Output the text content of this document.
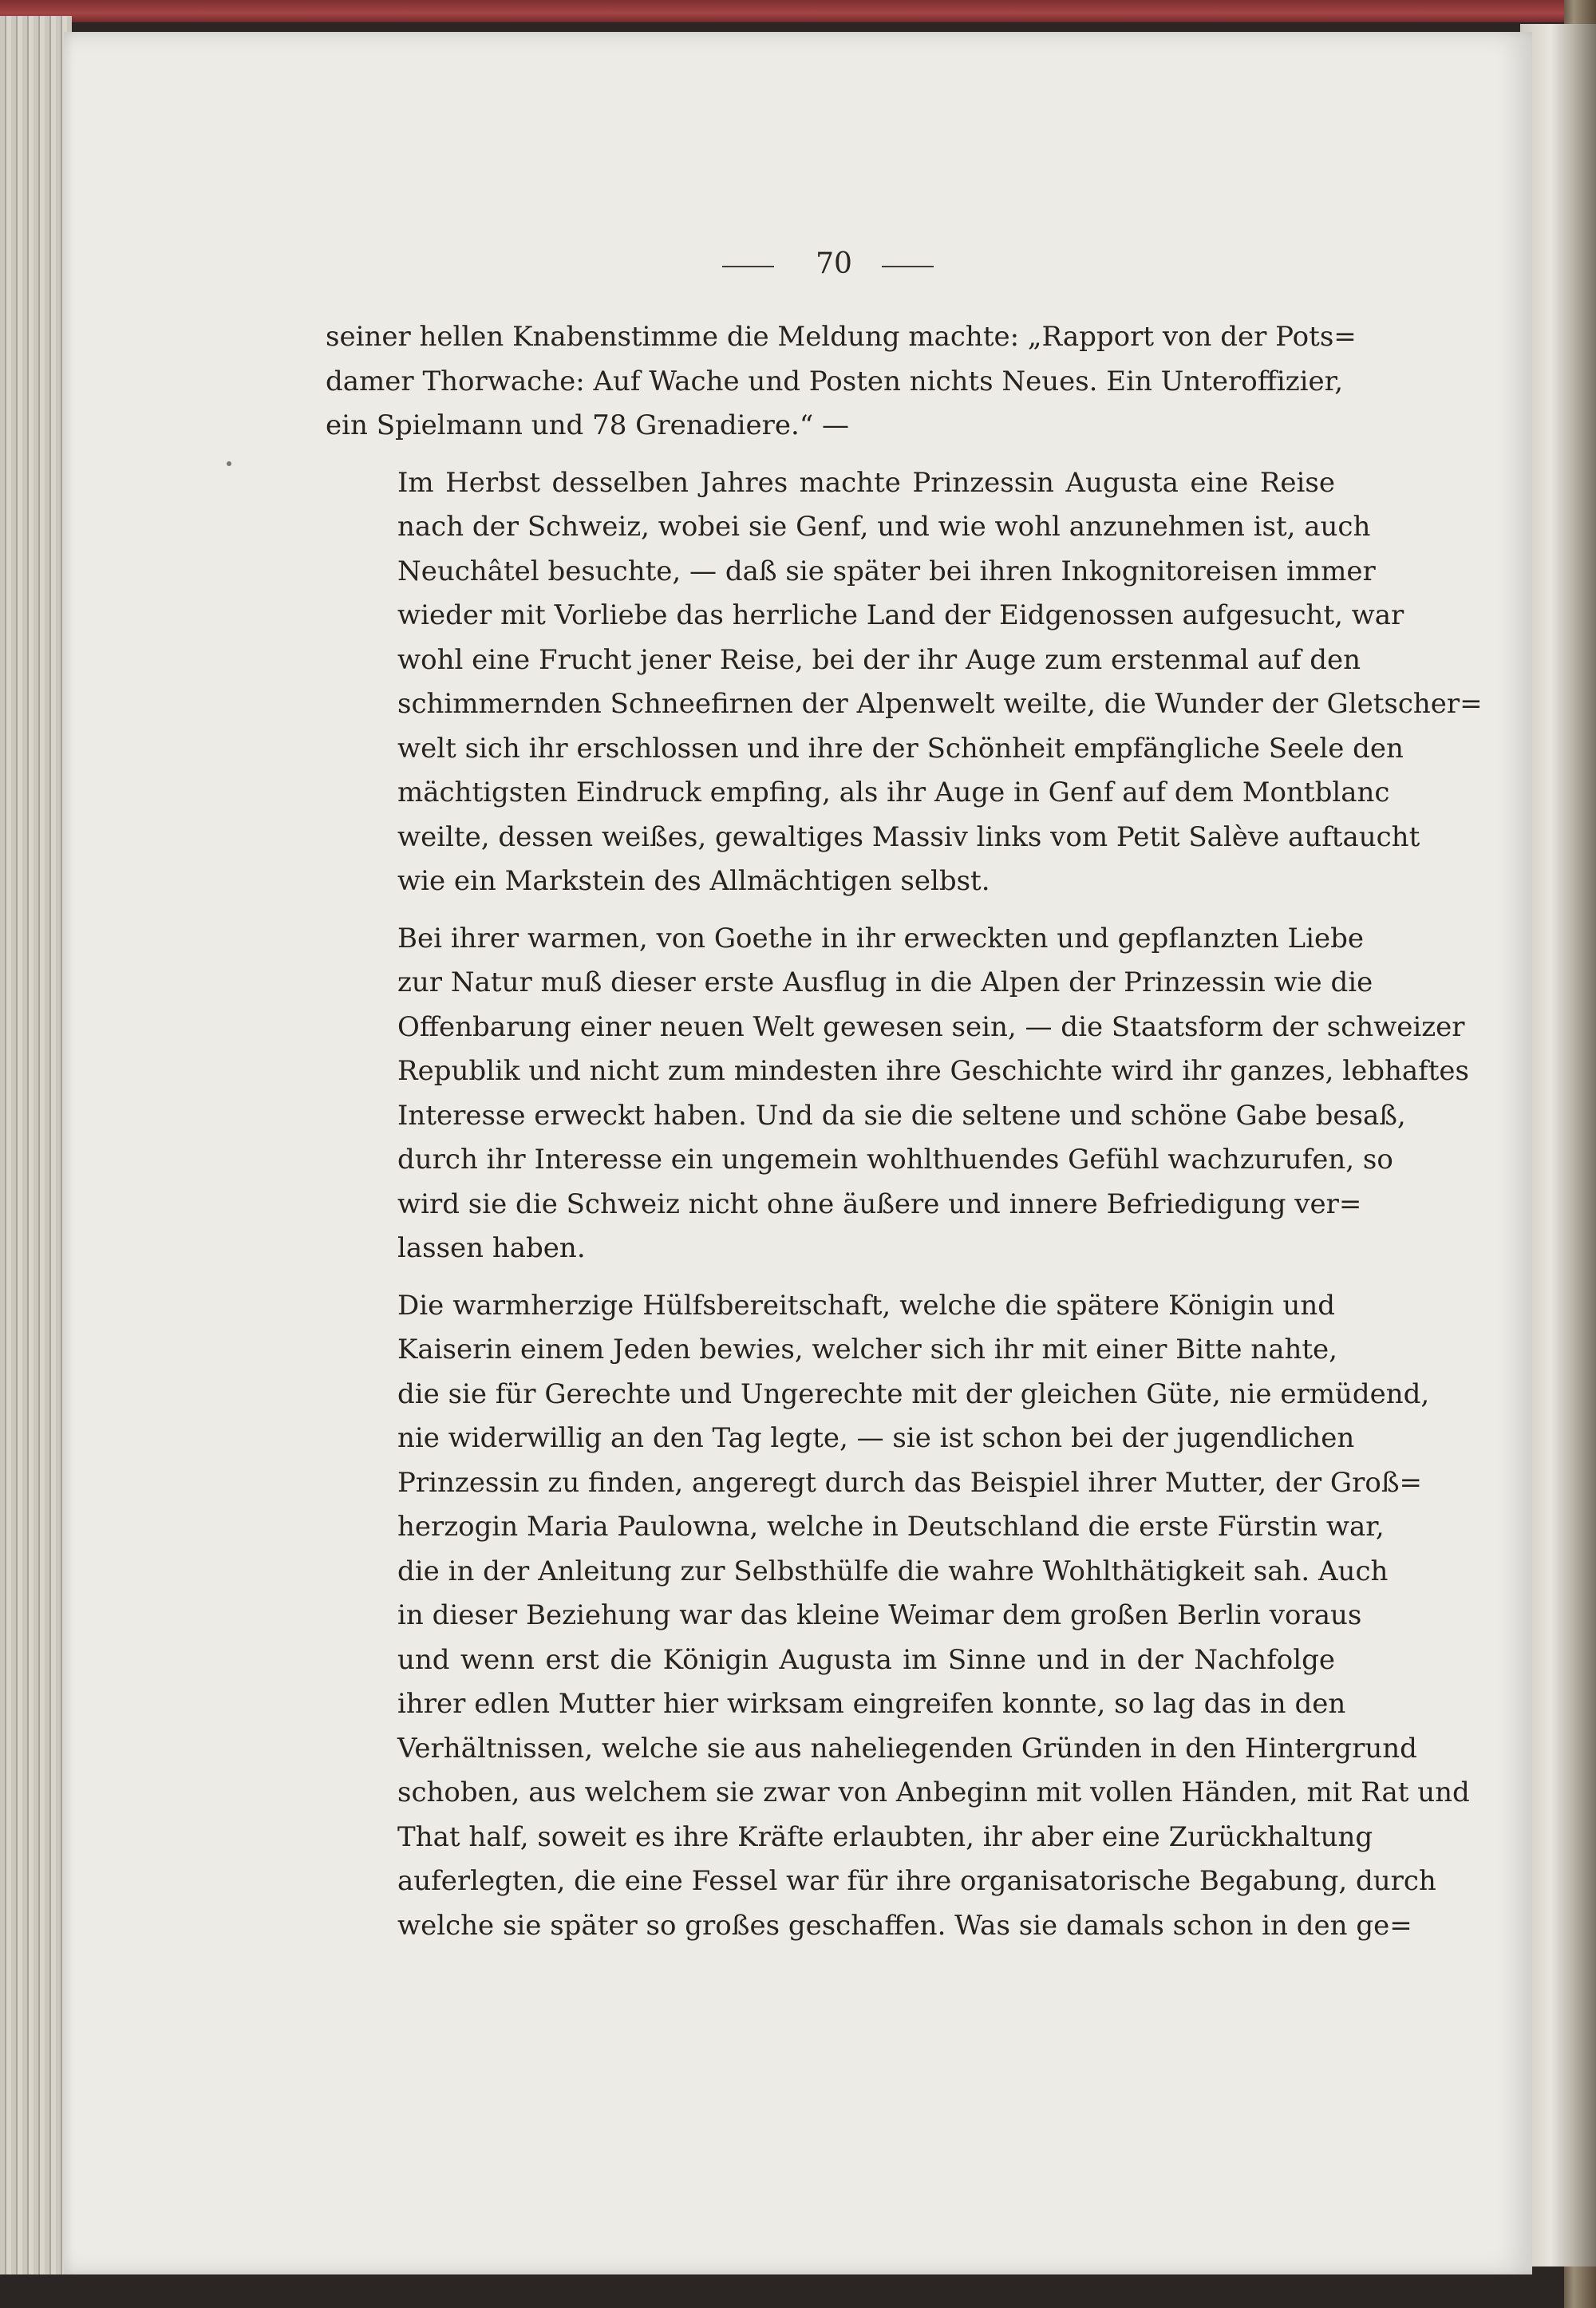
70

seiner hellen Knabenstimme die Meldung machte: „Rapport von der Pots=
damer Thorwache: Auf Wache und Posten nichts Neues. Ein Unteroffizier,
ein Spielmann und 78 Grenadiere.“ —

Im Herbst desselben Jahres machte Prinzessin Augusta eine Reise
nach der Schweiz, wobei sie Genf, und wie wohl anzunehmen ist, auch
Neuchâtel besuchte, — daß sie später bei ihren Inkognitoreisen immer
wieder mit Vorliebe das herrliche Land der Eidgenossen aufgesucht, war
wohl eine Frucht jener Reise, bei der ihr Auge zum erstenmal auf den
schimmernden Schneefirnen der Alpenwelt weilte, die Wunder der Gletscher=
welt sich ihr erschlossen und ihre der Schönheit empfängliche Seele den
mächtigsten Eindruck empfing, als ihr Auge in Genf auf dem Montblanc
weilte, dessen weißes, gewaltiges Massiv links vom Petit Salève auftaucht
wie ein Markstein des Allmächtigen selbst.

Bei ihrer warmen, von Goethe in ihr erweckten und gepflanzten Liebe
zur Natur muß dieser erste Ausflug in die Alpen der Prinzessin wie die
Offenbarung einer neuen Welt gewesen sein, — die Staatsform der schweizer
Republik und nicht zum mindesten ihre Geschichte wird ihr ganzes, lebhaftes
Interesse erweckt haben. Und da sie die seltene und schöne Gabe besaß,
durch ihr Interesse ein ungemein wohlthuendes Gefühl wachzurufen, so
wird sie die Schweiz nicht ohne äußere und innere Befriedigung ver=
lassen haben.

Die warmherzige Hülfsbereitschaft, welche die spätere Königin und
Kaiserin einem Jeden bewies, welcher sich ihr mit einer Bitte nahte,
die sie für Gerechte und Ungerechte mit der gleichen Güte, nie ermüdend,
nie widerwillig an den Tag legte, — sie ist schon bei der jugendlichen
Prinzessin zu finden, angeregt durch das Beispiel ihrer Mutter, der Groß=
herzogin Maria Paulowna, welche in Deutschland die erste Fürstin war,
die in der Anleitung zur Selbsthülfe die wahre Wohlthätigkeit sah. Auch
in dieser Beziehung war das kleine Weimar dem großen Berlin voraus
und wenn erst die Königin Augusta im Sinne und in der Nachfolge
ihrer edlen Mutter hier wirksam eingreifen konnte, so lag das in den
Verhältnissen, welche sie aus naheliegenden Gründen in den Hintergrund
schoben, aus welchem sie zwar von Anbeginn mit vollen Händen, mit Rat und
That half, soweit es ihre Kräfte erlaubten, ihr aber eine Zurückhaltung
auferlegten, die eine Fessel war für ihre organisatorische Begabung, durch
welche sie später so großes geschaffen. Was sie damals schon in den ge=
